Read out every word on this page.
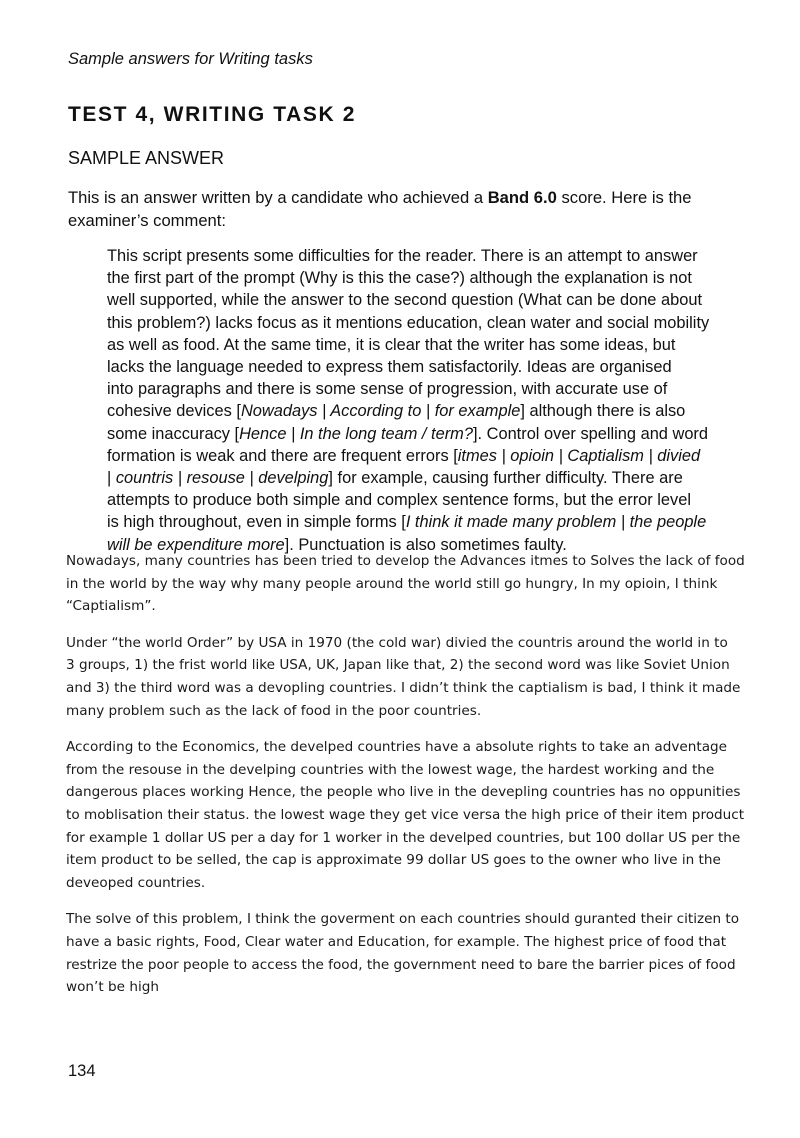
Sample answers for Writing tasks
TEST 4, WRITING TASK 2
SAMPLE ANSWER
This is an answer written by a candidate who achieved a Band 6.0 score. Here is the examiner’s comment:
This script presents some difficulties for the reader. There is an attempt to answer
the first part of the prompt (Why is this the case?) although the explanation is not
well supported, while the answer to the second question (What can be done about
this problem?) lacks focus as it mentions education, clean water and social mobility
as well as food. At the same time, it is clear that the writer has some ideas, but
lacks the language needed to express them satisfactorily. Ideas are organised
into paragraphs and there is some sense of progression, with accurate use of
cohesive devices [Nowadays | According to | for example] although there is also
some inaccuracy [Hence | In the long team / term?]. Control over spelling and word
formation is weak and there are frequent errors [itmes | opioin | Captialism | divied
| countris | resouse | develping] for example, causing further difficulty. There are
attempts to produce both simple and complex sentence forms, but the error level
is high throughout, even in simple forms [I think it made many problem | the people
will be expenditure more]. Punctuation is also sometimes faulty.

Nowadays, many countries has been tried to develop the Advances itmes to Solves the lack of food
in the world by the way why many people around the world still go hungry, In my opioin, I think
“Captialism”.

Under “the world Order” by USA in 1970 (the cold war) divied the countris around the world in to
3 groups, 1) the frist world like USA, UK, Japan like that, 2) the second word was like Soviet Union
and 3) the third word was a devopling countries. I didn’t think the captialism is bad, I think it made
many problem such as the lack of food in the poor countries.

According to the Economics, the develped countries have a absolute rights to take an adventage
from the resouse in the develping countries with the lowest wage, the hardest working and the
dangerous places working Hence, the people who live in the devepling countries has no oppunities
to moblisation their status. the lowest wage they get vice versa the high price of their item product
for example 1 dollar US per a day for 1 worker in the develped countries, but 100 dollar US per the
item product to be selled, the cap is approximate 99 dollar US goes to the owner who live in the
deveoped countries.

The solve of this problem, I think the goverment on each countries should guranted their citizen to
have a basic rights, Food, Clear water and Education, for example. The highest price of food that
restrize the poor people to access the food, the government need to bare the barrier pices of food
won’t be high

134
